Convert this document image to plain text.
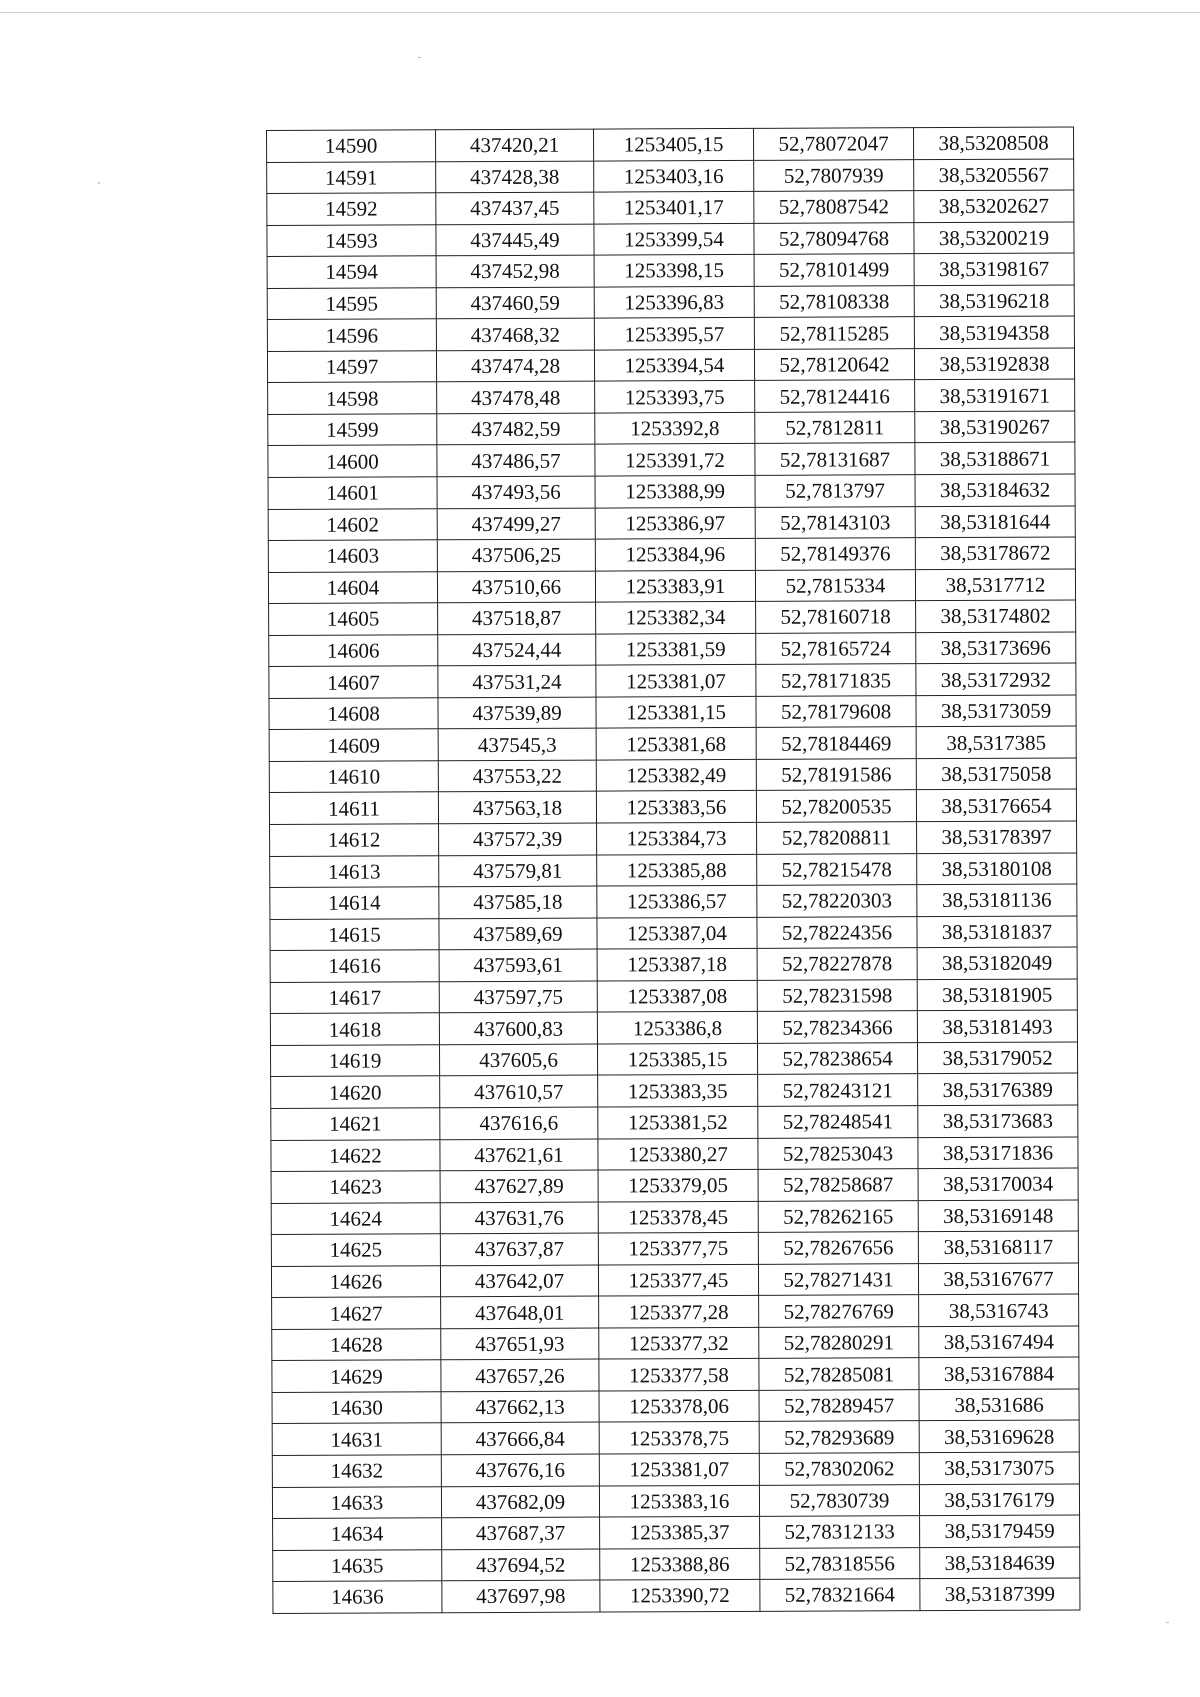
14590	437420,21	1253405,15	52,78072047	38,53208508
14591	437428,38	1253403,16	52,7807939	38,53205567
14592	437437,45	1253401,17	52,78087542	38,53202627
14593	437445,49	1253399,54	52,78094768	38,53200219
14594	437452,98	1253398,15	52,78101499	38,53198167
14595	437460,59	1253396,83	52,78108338	38,53196218
14596	437468,32	1253395,57	52,78115285	38,53194358
14597	437474,28	1253394,54	52,78120642	38,53192838
14598	437478,48	1253393,75	52,78124416	38,53191671
14599	437482,59	1253392,8	52,7812811	38,53190267
14600	437486,57	1253391,72	52,78131687	38,53188671
14601	437493,56	1253388,99	52,7813797	38,53184632
14602	437499,27	1253386,97	52,78143103	38,53181644
14603	437506,25	1253384,96	52,78149376	38,53178672
14604	437510,66	1253383,91	52,7815334	38,5317712
14605	437518,87	1253382,34	52,78160718	38,53174802
14606	437524,44	1253381,59	52,78165724	38,53173696
14607	437531,24	1253381,07	52,78171835	38,53172932
14608	437539,89	1253381,15	52,78179608	38,53173059
14609	437545,3	1253381,68	52,78184469	38,5317385
14610	437553,22	1253382,49	52,78191586	38,53175058
14611	437563,18	1253383,56	52,78200535	38,53176654
14612	437572,39	1253384,73	52,78208811	38,53178397
14613	437579,81	1253385,88	52,78215478	38,53180108
14614	437585,18	1253386,57	52,78220303	38,53181136
14615	437589,69	1253387,04	52,78224356	38,53181837
14616	437593,61	1253387,18	52,78227878	38,53182049
14617	437597,75	1253387,08	52,78231598	38,53181905
14618	437600,83	1253386,8	52,78234366	38,53181493
14619	437605,6	1253385,15	52,78238654	38,53179052
14620	437610,57	1253383,35	52,78243121	38,53176389
14621	437616,6	1253381,52	52,78248541	38,53173683
14622	437621,61	1253380,27	52,78253043	38,53171836
14623	437627,89	1253379,05	52,78258687	38,53170034
14624	437631,76	1253378,45	52,78262165	38,53169148
14625	437637,87	1253377,75	52,78267656	38,53168117
14626	437642,07	1253377,45	52,78271431	38,53167677
14627	437648,01	1253377,28	52,78276769	38,5316743
14628	437651,93	1253377,32	52,78280291	38,53167494
14629	437657,26	1253377,58	52,78285081	38,53167884
14630	437662,13	1253378,06	52,78289457	38,531686
14631	437666,84	1253378,75	52,78293689	38,53169628
14632	437676,16	1253381,07	52,78302062	38,53173075
14633	437682,09	1253383,16	52,7830739	38,53176179
14634	437687,37	1253385,37	52,78312133	38,53179459
14635	437694,52	1253388,86	52,78318556	38,53184639
14636	437697,98	1253390,72	52,78321664	38,53187399
